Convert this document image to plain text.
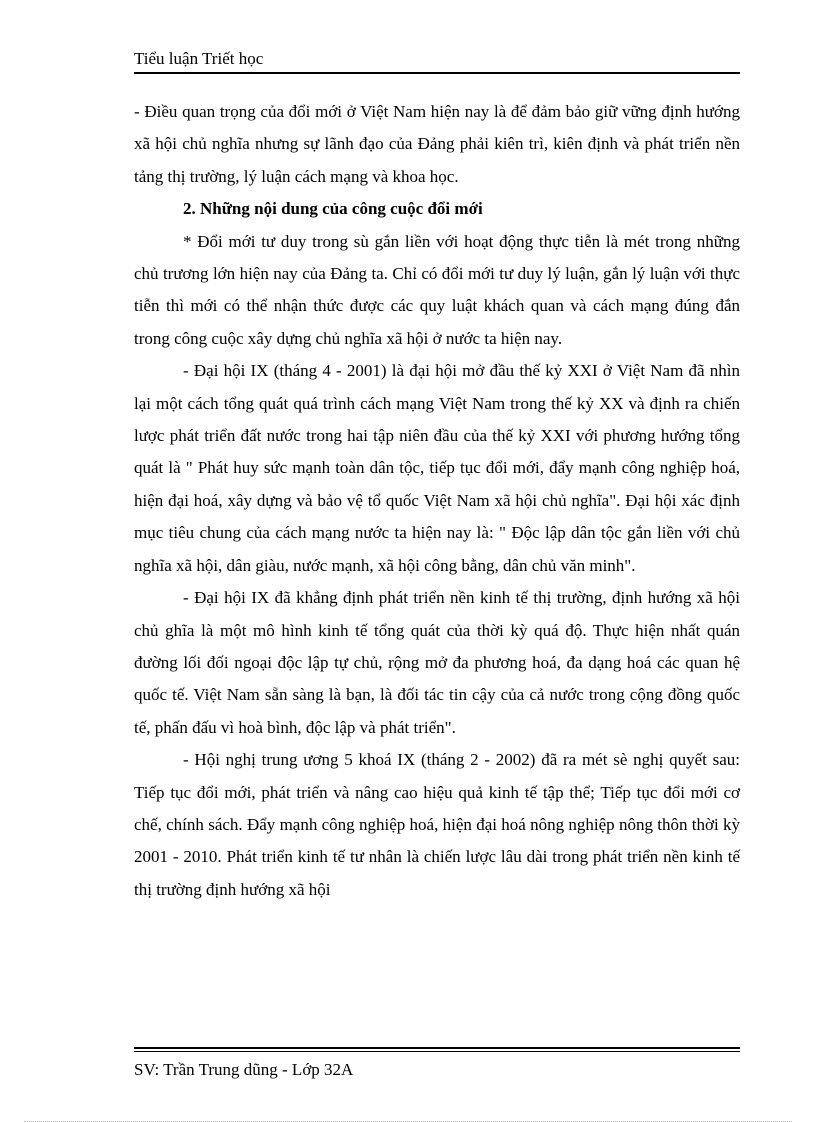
Tiểu luận Triết học

- Điều quan trọng của đổi mới ở Việt Nam hiện nay là để đảm bảo giữ vững định hướng xã hội chủ nghĩa nhưng sự lãnh đạo của Đảng phải kiên trì, kiên định và phát triển nền tảng thị trường, lý luận cách mạng và khoa học.

2. Những nội dung của công cuộc đổi mới

* Đổi mới tư duy trong sù gắn liền với hoạt động thực tiễn là mét trong những chủ trương lớn hiện nay của Đảng ta. Chỉ có đổi mới tư duy lý luận, gắn lý luận với thực tiễn thì mới có thể nhận thức được các quy luật khách quan và cách mạng đúng đắn trong công cuộc xây dựng chủ nghĩa xã hội ở nước ta hiện nay.

- Đại hội IX (tháng 4 - 2001) là đại hội mở đầu thế kỷ XXI ở Việt Nam đã nhìn lại một cách tổng quát quá trình cách mạng Việt Nam trong thế kỷ XX và định ra chiến lược phát triển đất nước trong hai tập niên đầu của thế kỷ XXI với phương hướng tổng quát là " Phát huy sức mạnh toàn dân tộc, tiếp tục đổi mới, đẩy mạnh công nghiệp hoá, hiện đại hoá, xây dựng và bảo vệ tổ quốc Việt Nam xã hội chủ nghĩa". Đại hội xác định mục tiêu chung của cách mạng nước ta hiện nay là: " Độc lập dân tộc gắn liền với chủ nghĩa xã hội, dân giàu, nước mạnh, xã hội công bằng, dân chủ văn minh".

- Đại hội IX đã khẳng định phát triển nền kinh tế thị trường, định hướng xã hội chủ ghĩa là một mô hình kinh tế tổng quát của thời kỳ quá độ. Thực hiện nhất quán đường lối đối ngoại độc lập tự chủ, rộng mở đa phương hoá, đa dạng hoá các quan hệ quốc tế. Việt Nam sẵn sàng là bạn, là đối tác tin cậy của cả nước trong cộng đồng quốc tế, phấn đấu vì hoà bình, độc lập và phát triển".

- Hội nghị trung ương 5 khoá IX (tháng 2 - 2002) đã ra mét sè nghị quyết sau: Tiếp tục đổi mới, phát triển và nâng cao hiệu quả kinh tế tập thể; Tiếp tục đổi mới cơ chế, chính sách. Đẩy mạnh công nghiệp hoá, hiện đại hoá nông nghiệp nông thôn thời kỳ 2001 - 2010. Phát triển kinh tế tư nhân là chiến lược lâu dài trong phát triển nền kinh tế thị trường định hướng xã hội

SV: Trần Trung dũng - Lớp 32A
